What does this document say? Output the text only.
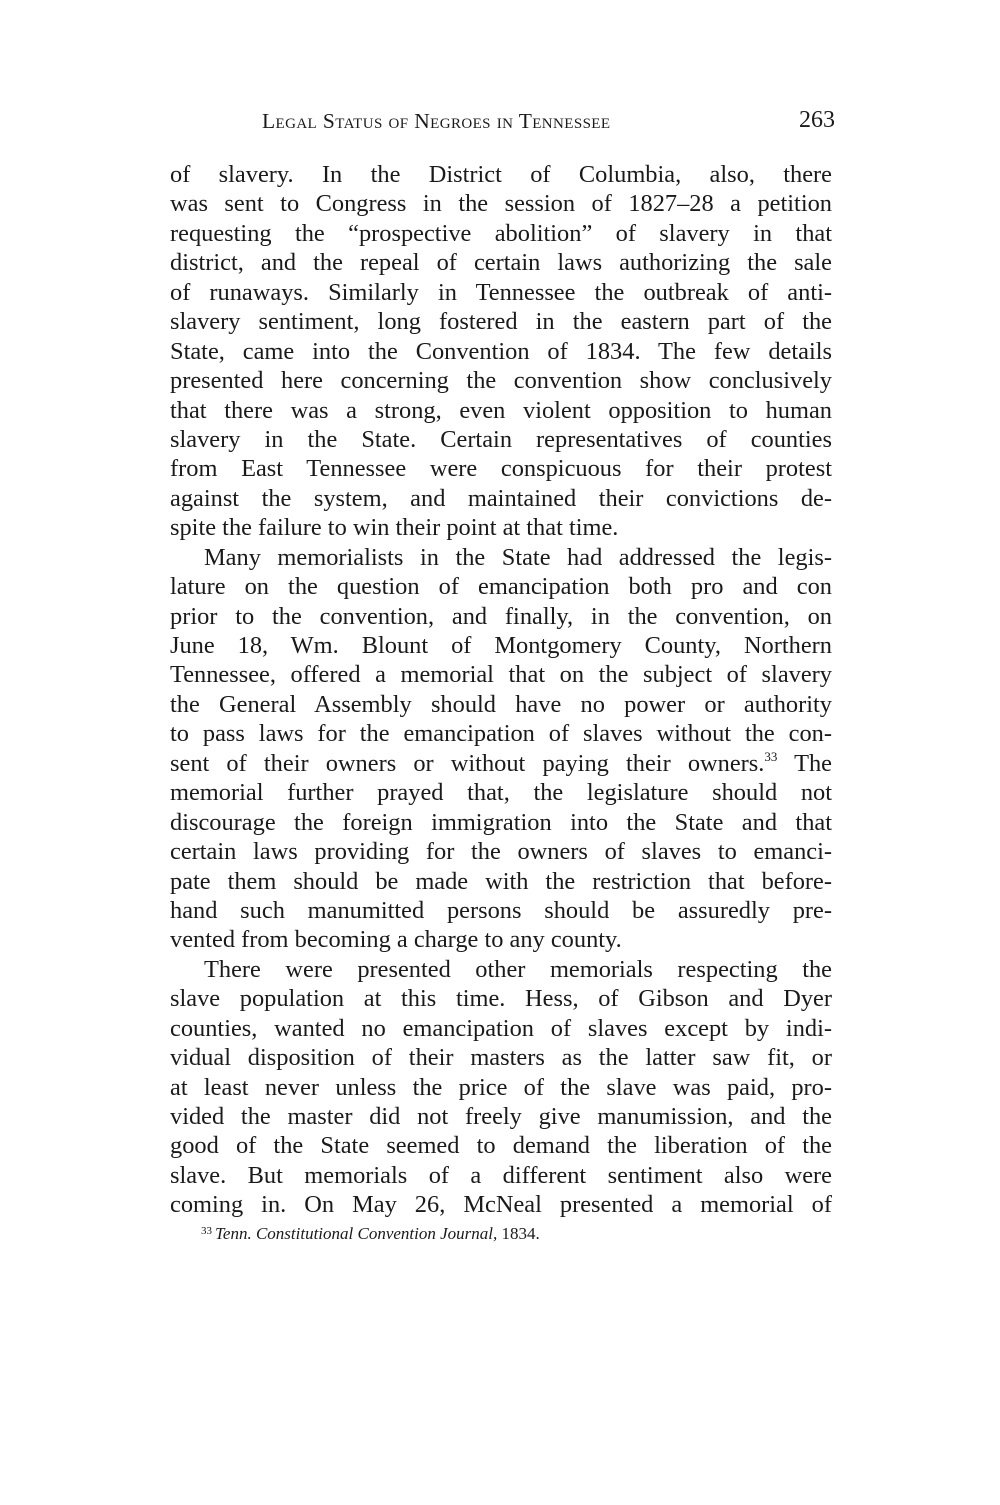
Legal Status of Negroes in Tennessee	263
of slavery. In the District of Columbia, also, there
was sent to Congress in the session of 1827–28 a petition
requesting the “prospective abolition” of slavery in that
district, and the repeal of certain laws authorizing the sale
of runaways. Similarly in Tennessee the outbreak of anti-
slavery sentiment, long fostered in the eastern part of the
State, came into the Convention of 1834. The few details
presented here concerning the convention show conclusively
that there was a strong, even violent opposition to human
slavery in the State. Certain representatives of counties
from East Tennessee were conspicuous for their protest
against the system, and maintained their convictions de-
spite the failure to win their point at that time.
Many memorialists in the State had addressed the legis-
lature on the question of emancipation both pro and con
prior to the convention, and finally, in the convention, on
June 18, Wm. Blount of Montgomery County, Northern
Tennessee, offered a memorial that on the subject of slavery
the General Assembly should have no power or authority
to pass laws for the emancipation of slaves without the con-
sent of their owners or without paying their owners.$^{33}$ The
memorial further prayed that, the legislature should not
discourage the foreign immigration into the State and that
certain laws providing for the owners of slaves to emanci-
pate them should be made with the restriction that before-
hand such manumitted persons should be assuredly pre-
vented from becoming a charge to any county.
There were presented other memorials respecting the
slave population at this time. Hess, of Gibson and Dyer
counties, wanted no emancipation of slaves except by indi-
vidual disposition of their masters as the latter saw fit, or
at least never unless the price of the slave was paid, pro-
vided the master did not freely give manumission, and the
good of the State seemed to demand the liberation of the
slave. But memorials of a different sentiment also were
coming in. On May 26, McNeal presented a memorial of
$^{33}$ Tenn. Constitutional Convention Journal, 1834.
